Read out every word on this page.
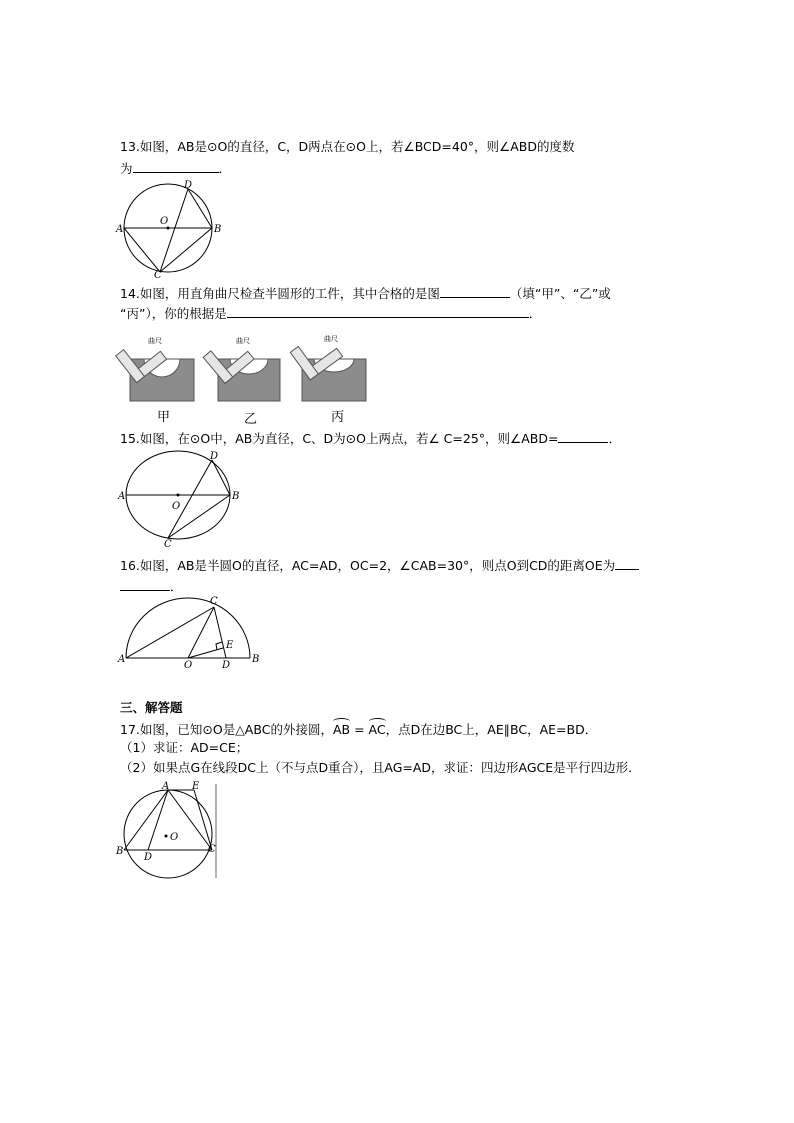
13.如图，AB是⊙O的直径，C，D两点在⊙O上，若∠BCD=40°，则∠ABD的度数
为	．
A	B
C
D
O
14.如图，用直角曲尺检查半圆形的工件，其中合格的是图	（填“甲”、“乙”或
“丙”），你的根据是	．
曲尺
甲
曲尺
乙
曲尺
丙
15.如图，在⊙O中，AB为直径，C、D为⊙O上两点，若∠ C=25°，则∠ABD=	．
A	B
C
D
O
16.如图，AB是半圆O的直径，AC=AD，OC=2，∠CAB=30°，则点O到CD的距离OE为
．
A	B
C
D
E
O
三、解答题
17.如图，已知⊙O是△ABC的外接圆，AB = AC，点D在边BC上，AE∥BC，AE=BD．
（1）求证：AD=CE；
（2）如果点G在线段DC上（不与点D重合），且AG=AD，求证：四边形AGCE是平行四边形．
A
B	C
D
E
O
